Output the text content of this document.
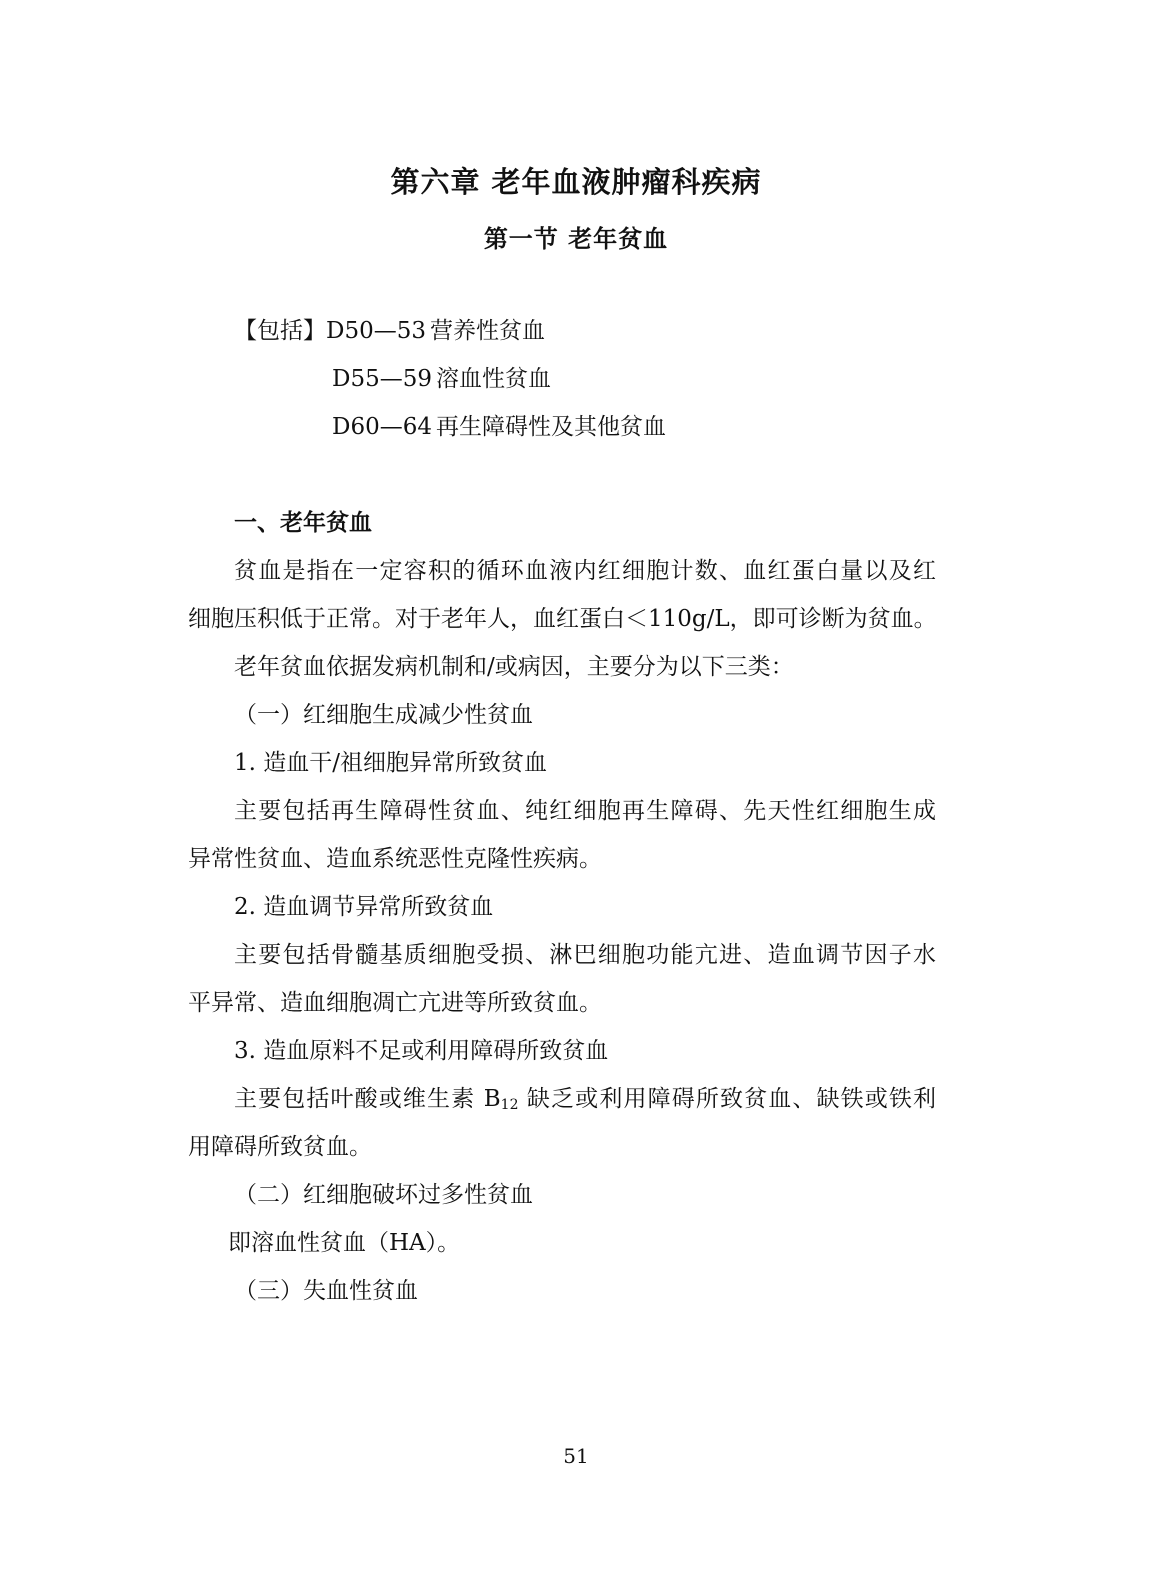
第六章 老年血液肿瘤科疾病
第一节 老年贫血
【包括】D50—53 营养性贫血
D55—59 溶血性贫血
D60—64 再生障碍性及其他贫血
一、老年贫血
贫血是指在一定容积的循环血液内红细胞计数、血红蛋白量以及红
细胞压积低于正常。对于老年人，血红蛋白＜110g/L，即可诊断为贫血。
老年贫血依据发病机制和/或病因，主要分为以下三类：
（一）红细胞生成减少性贫血
1. 造血干/祖细胞异常所致贫血
主要包括再生障碍性贫血、纯红细胞再生障碍、先天性红细胞生成
异常性贫血、造血系统恶性克隆性疾病。
2. 造血调节异常所致贫血
主要包括骨髓基质细胞受损、淋巴细胞功能亢进、造血调节因子水
平异常、造血细胞凋亡亢进等所致贫血。
3. 造血原料不足或利用障碍所致贫血
主要包括叶酸或维生素 $B_{12}$ 缺乏或利用障碍所致贫血、缺铁或铁利
用障碍所致贫血。
（二）红细胞破坏过多性贫血
即溶血性贫血（HA）。
（三）失血性贫血
51
